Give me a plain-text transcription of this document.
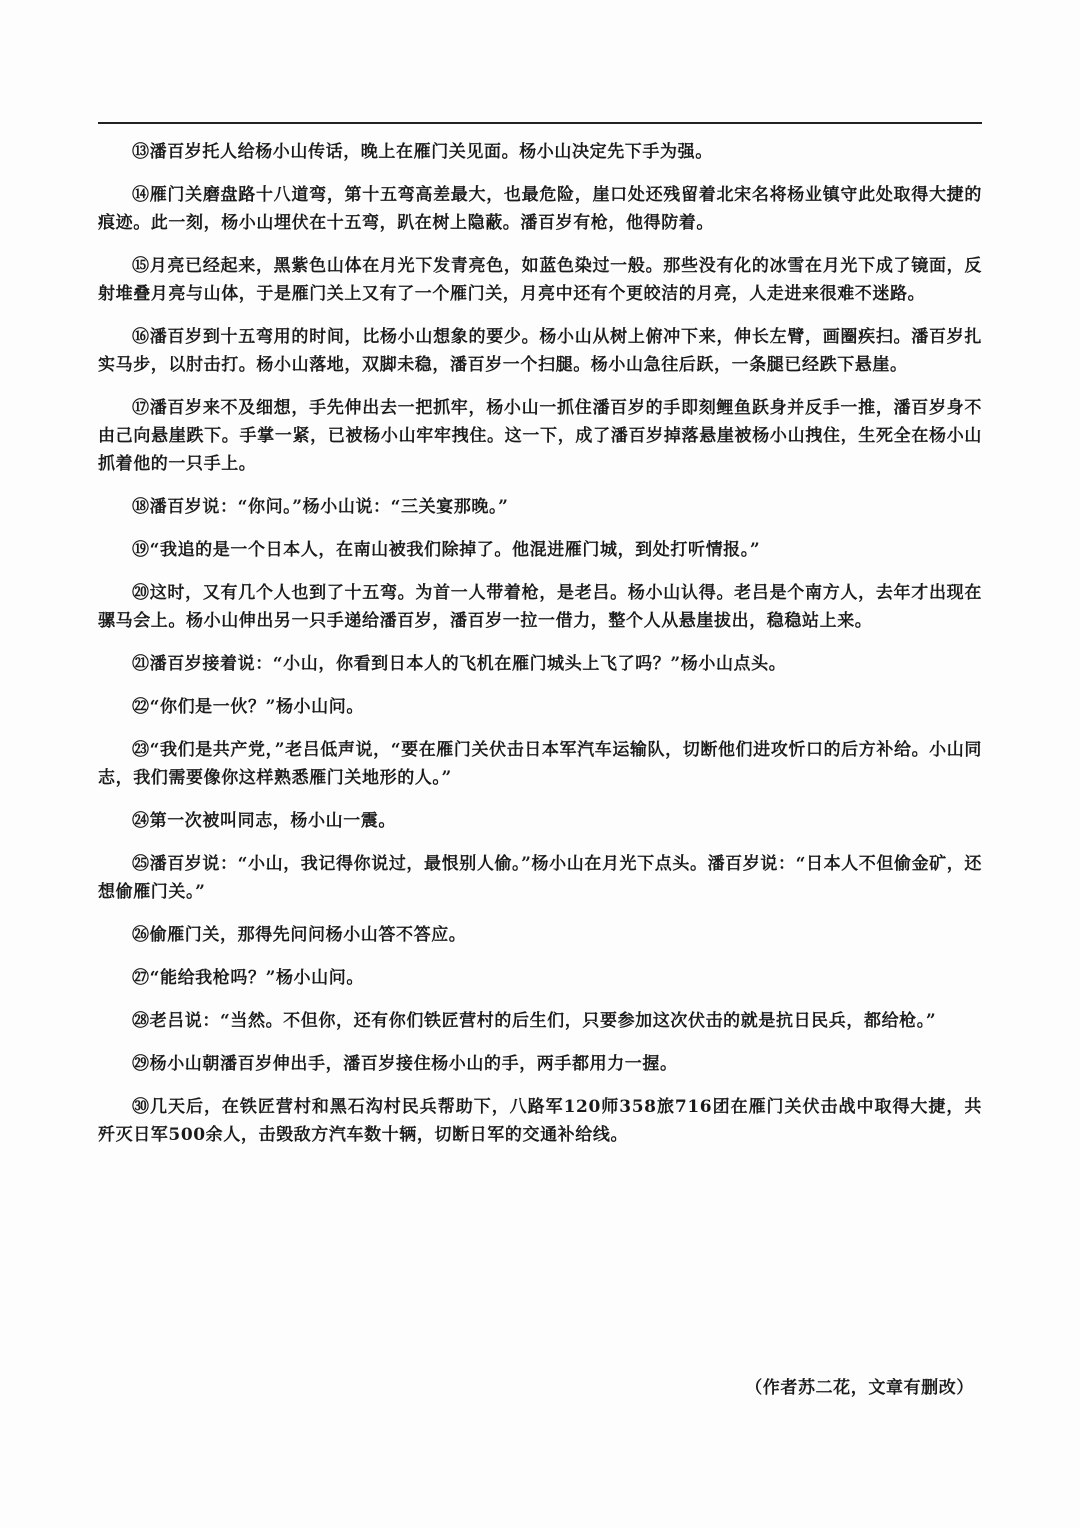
⑬潘百岁托人给杨小山传话，晚上在雁门关见面。杨小山决定先下手为强。

⑭雁门关磨盘路十八道弯，第十五弯高差最大，也最危险，崖口处还残留着北宋名将杨业镇守此处取得大捷的痕迹。此一刻，杨小山埋伏在十五弯，趴在树上隐蔽。潘百岁有枪，他得防着。

⑮月亮已经起来，黑紫色山体在月光下发青亮色，如蓝色染过一般。那些没有化的冰雪在月光下成了镜面，反射堆叠月亮与山体，于是雁门关上又有了一个雁门关，月亮中还有个更皎洁的月亮，人走进来很难不迷路。

⑯潘百岁到十五弯用的时间，比杨小山想象的要少。杨小山从树上俯冲下来，伸长左臂，画圈疾扫。潘百岁扎实马步，以肘击打。杨小山落地，双脚未稳，潘百岁一个扫腿。杨小山急往后跃，一条腿已经跌下悬崖。

⑰潘百岁来不及细想，手先伸出去一把抓牢，杨小山一抓住潘百岁的手即刻鲤鱼跃身并反手一推，潘百岁身不由己向悬崖跌下。手掌一紧，已被杨小山牢牢拽住。这一下，成了潘百岁掉落悬崖被杨小山拽住，生死全在杨小山抓着他的一只手上。

⑱潘百岁说：“你问。”杨小山说：“三关宴那晚。”

⑲“我追的是一个日本人，在南山被我们除掉了。他混进雁门城，到处打听情报。”

⑳这时，又有几个人也到了十五弯。为首一人带着枪，是老吕。杨小山认得。老吕是个南方人，去年才出现在骡马会上。杨小山伸出另一只手递给潘百岁，潘百岁一拉一借力，整个人从悬崖拔出，稳稳站上来。

㉑潘百岁接着说：“小山，你看到日本人的飞机在雁门城头上飞了吗？”杨小山点头。

㉒“你们是一伙？”杨小山问。

㉓“我们是共产党，”老吕低声说，“要在雁门关伏击日本军汽车运输队，切断他们进攻忻口的后方补给。小山同志，我们需要像你这样熟悉雁门关地形的人。”

㉔第一次被叫同志，杨小山一震。

㉕潘百岁说：“小山，我记得你说过，最恨别人偷。”杨小山在月光下点头。潘百岁说：“日本人不但偷金矿，还想偷雁门关。”

㉖偷雁门关，那得先问问杨小山答不答应。

㉗“能给我枪吗？”杨小山问。

㉘老吕说：“当然。不但你，还有你们铁匠营村的后生们，只要参加这次伏击的就是抗日民兵，都给枪。”

㉙杨小山朝潘百岁伸出手，潘百岁接住杨小山的手，两手都用力一握。

㉚几天后，在铁匠营村和黑石沟村民兵帮助下，八路军120师358旅716团在雁门关伏击战中取得大捷，共歼灭日军500余人，击毁敌方汽车数十辆，切断日军的交通补给线。

（作者苏二花，文章有删改）
